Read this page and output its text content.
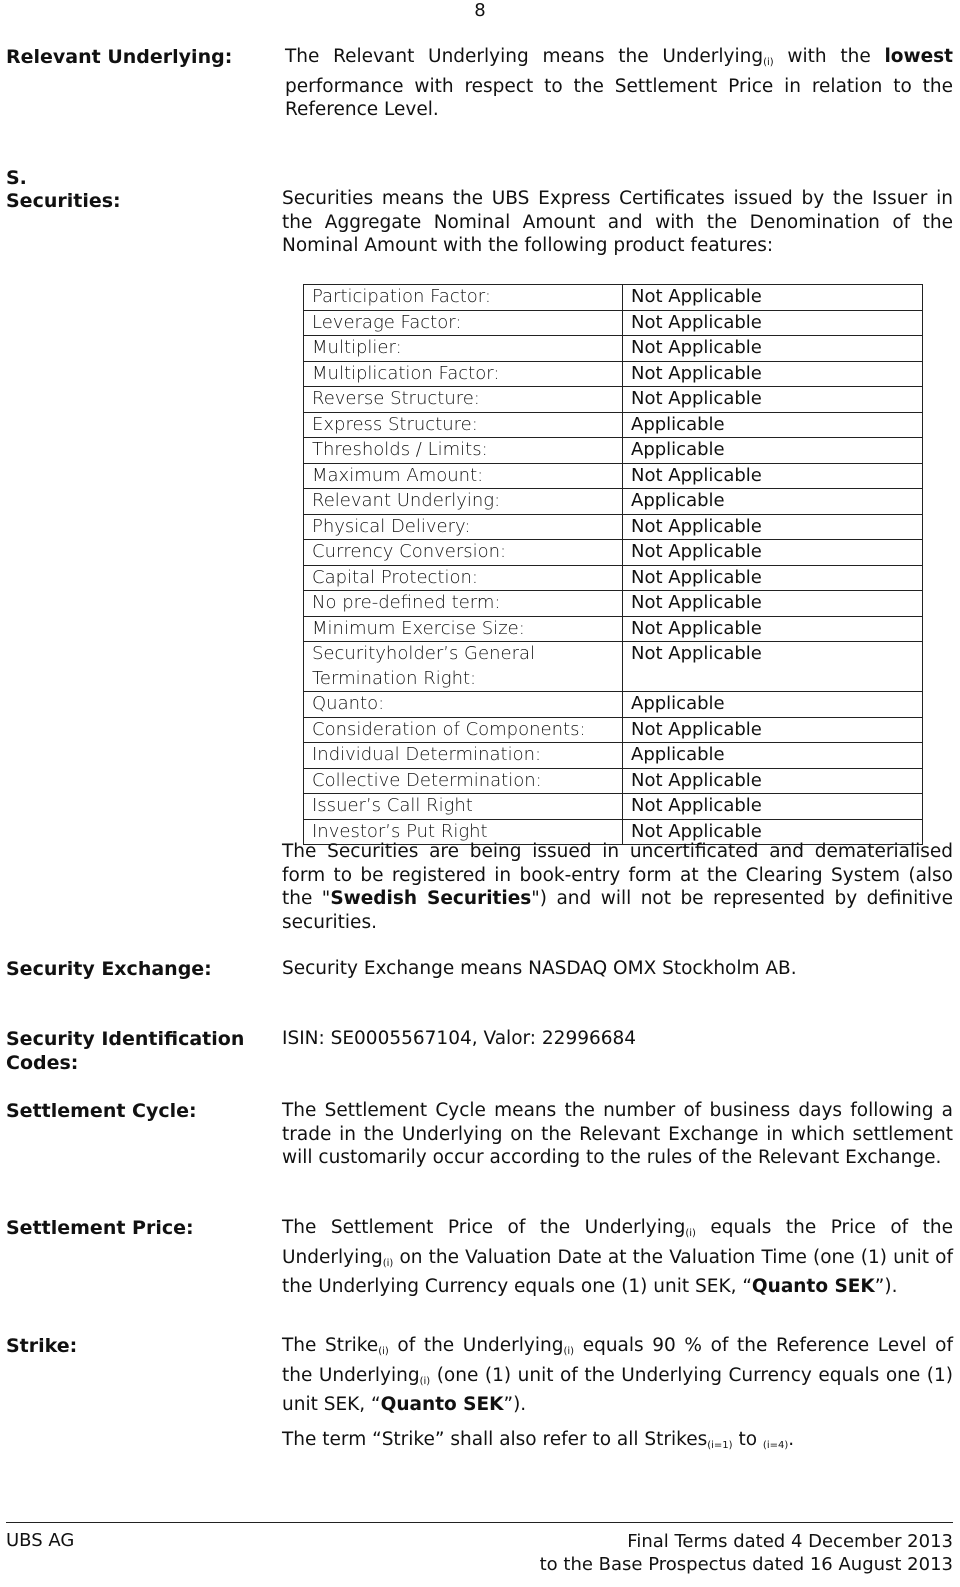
8
Relevant Underlying:	The Relevant Underlying means the Underlying$_{(i)}$ with the lowest performance with respect to the Settlement Price in relation to the Reference Level.
S.
Securities:	Securities means the UBS Express Certificates issued by the Issuer in the Aggregate Nominal Amount and with the Denomination of the Nominal Amount with the following product features:
Participation Factor:	Not Applicable
Leverage Factor:	Not Applicable
Multiplier:	Not Applicable
Multiplication Factor:	Not Applicable
Reverse Structure:	Not Applicable
Express Structure:	Applicable
Thresholds / Limits:	Applicable
Maximum Amount:	Not Applicable
Relevant Underlying:	Applicable
Physical Delivery:	Not Applicable
Currency Conversion:	Not Applicable
Capital Protection:	Not Applicable
No pre-defined term:	Not Applicable
Minimum Exercise Size:	Not Applicable
Securityholder’s General Termination Right:	Not Applicable
Quanto:	Applicable
Consideration of Components:	Not Applicable
Individual Determination:	Applicable
Collective Determination:	Not Applicable
Issuer’s Call Right	Not Applicable
Investor’s Put Right	Not Applicable
The Securities are being issued in uncertificated and dematerialised form to be registered in book-entry form at the Clearing System (also the "Swedish Securities") and will not be represented by definitive securities.
Security Exchange:	Security Exchange means NASDAQ OMX Stockholm AB.
Security Identification
Codes:
ISIN: SE0005567104, Valor: 22996684
Settlement Cycle:	The Settlement Cycle means the number of business days following a trade in the Underlying on the Relevant Exchange in which settlement will customarily occur according to the rules of the Relevant Exchange.
Settlement Price:	The Settlement Price of the Underlying$_{(i)}$ equals the Price of the Underlying$_{(i)}$ on the Valuation Date at the Valuation Time (one (1) unit of the Underlying Currency equals one (1) unit SEK, “Quanto SEK”).
Strike:	The Strike$_{(i)}$ of the Underlying$_{(i)}$ equals 90 % of the Reference Level of the Underlying$_{(i)}$ (one (1) unit of the Underlying Currency equals one (1) unit SEK, “Quanto SEK”).
The term “Strike” shall also refer to all Strikes$_{(i=1)}$ to $_{(i=4)}$.
UBS AG	Final Terms dated 4 December 2013
to the Base Prospectus dated 16 August 2013
